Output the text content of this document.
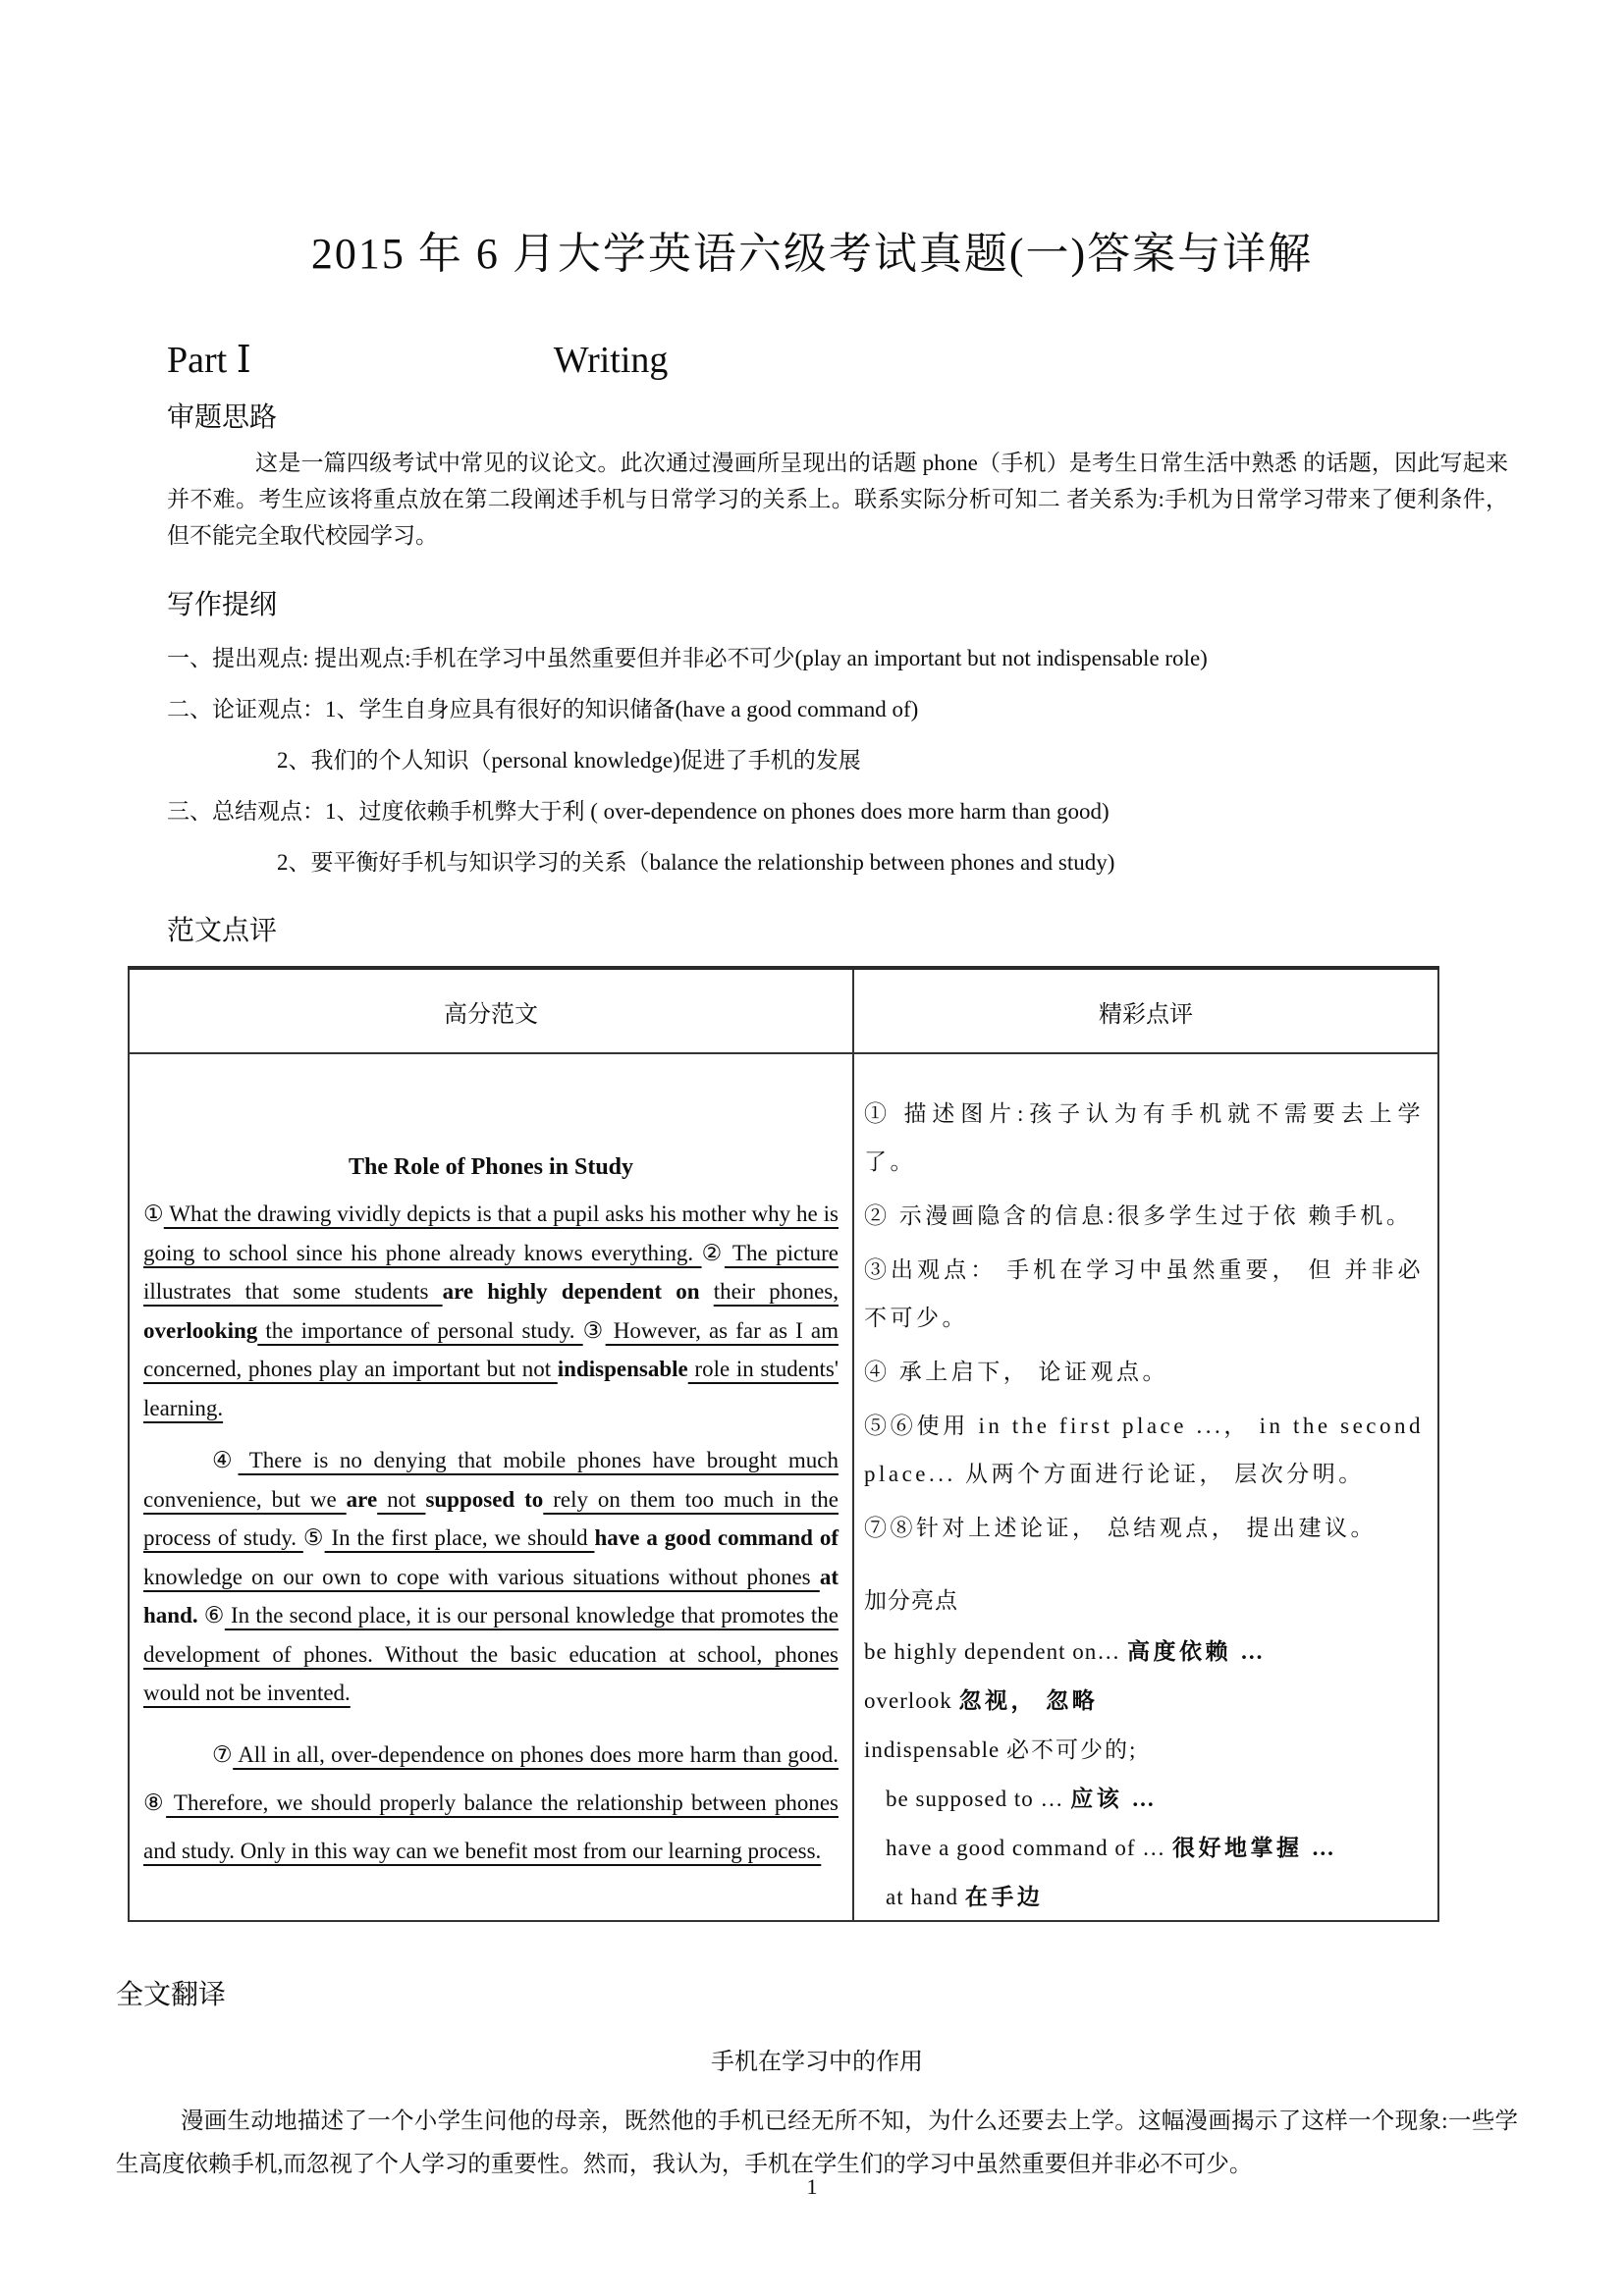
2015 年 6 月大学英语六级考试真题(一)答案与详解
Part Ⅰ	Writing
审题思路

这是一篇四级考试中常见的议论文。此次通过漫画所呈现出的话题 phone（手机）是考生日常生活中熟悉 的话题，因此写起来并不难。考生应该将重点放在第二段阐述手机与日常学习的关系上。联系实际分析可知二 者关系为:手机为日常学习带来了便利条件，但不能完全取代校园学习。

写作提纲

一、提出观点: 提出观点:手机在学习中虽然重要但并非必不可少(play an important but not indispensable role)

二、论证观点：1、学生自身应具有很好的知识储备(have a good command of)

2、我们的个人知识（personal knowledge)促进了手机的发展

三、总结观点：1、过度依赖手机弊大于利 ( over-dependence on phones does more harm than good)

2、要平衡好手机与知识学习的关系（balance the relationship between phones and study)

范文点评
高分范文	精彩点评

The Role of Phones in Study

① What the drawing vividly depicts is that a pupil asks his mother why he is going to school since his phone already knows everything. ② The picture illustrates that some students are highly dependent on their phones, overlooking the importance of personal study. ③ However, as far as I am concerned, phones play an important but not indispensable role in students' learning.

④ There is no denying that mobile phones have brought much convenience, but we are not supposed to rely on them too much in the process of study. ⑤ In the first place, we should have a good command of knowledge on our own to cope with various situations without phones at hand. ⑥ In the second place, it is our personal knowledge that promotes the development of phones. Without the basic education at school, phones would not be invented.

⑦ All in all, over-dependence on phones does more harm than good. ⑧ Therefore, we should properly balance the relationship between phones and study. Only in this way can we benefit most from our learning process.

① 描述图片:孩子认为有手机就不需要去上学了。

② 示漫画隐含的信息:很多学生过于依 赖手机。

③出观点： 手机在学习中虽然重要， 但 并非必不可少。

④ 承上启下， 论证观点。

⑤⑥使用 in the first place ...， in the second place... 从两个方面进行论证， 层次分明。

⑦⑧针对上述论证， 总结观点， 提出建议。

加分亮点

be highly dependent on… 高度依赖 …

overlook 忽视， 忽略

indispensable 必不可少的;

be supposed to … 应该 …

have a good command of … 很好地掌握 …

at hand 在手边

全文翻译

手机在学习中的作用

漫画生动地描述了一个小学生问他的母亲，既然他的手机已经无所不知，为什么还要去上学。这幅漫画揭示了这样一个现象:一些学生高度依赖手机,而忽视了个人学习的重要性。然而，我认为，手机在学生们的学习中虽然重要但并非必不可少。

1
